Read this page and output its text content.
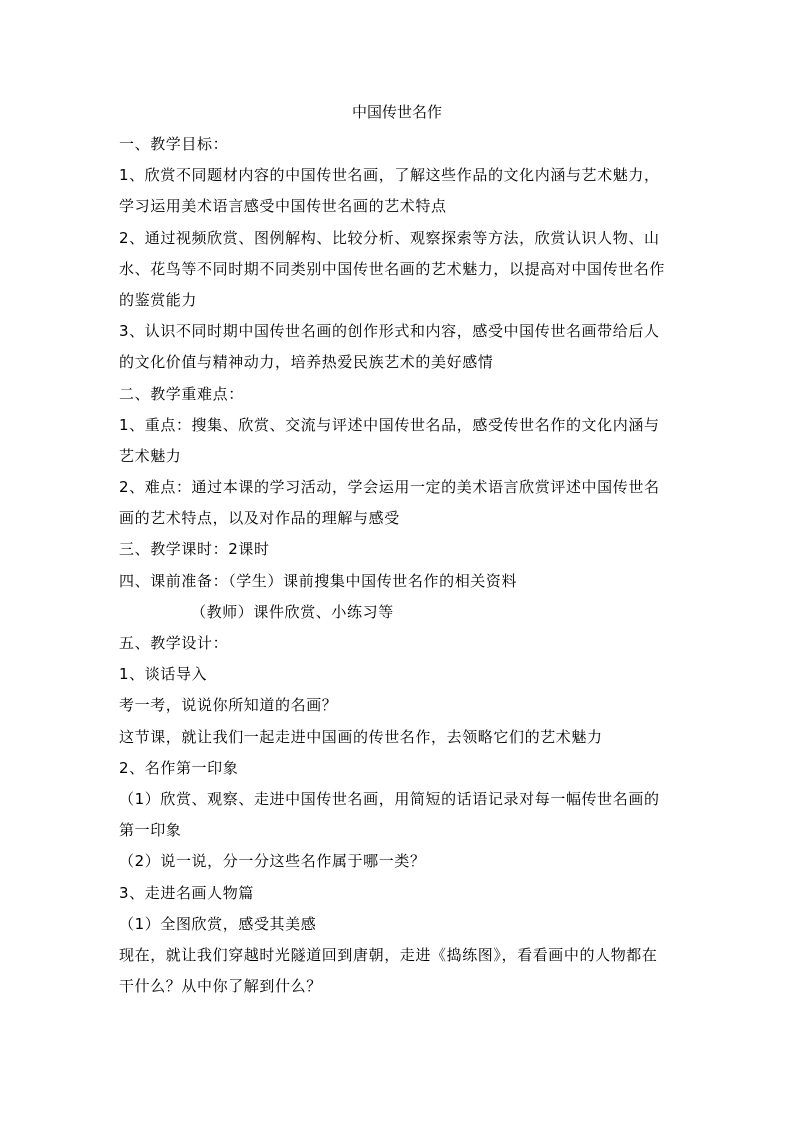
中国传世名作
一、教学目标：
1、欣赏不同题材内容的中国传世名画，了解这些作品的文化内涵与艺术魅力，
学习运用美术语言感受中国传世名画的艺术特点
2、通过视频欣赏、图例解构、比较分析、观察探索等方法，欣赏认识人物、山
水、花鸟等不同时期不同类别中国传世名画的艺术魅力，以提高对中国传世名作
的鉴赏能力
3、认识不同时期中国传世名画的创作形式和内容，感受中国传世名画带给后人
的文化价值与精神动力，培养热爱民族艺术的美好感情
二、教学重难点：
1、重点：搜集、欣赏、交流与评述中国传世名品，感受传世名作的文化内涵与
艺术魅力
2、难点：通过本课的学习活动，学会运用一定的美术语言欣赏评述中国传世名
画的艺术特点，以及对作品的理解与感受
三、教学课时：2课时
四、课前准备：（学生）课前搜集中国传世名作的相关资料
（教师）课件欣赏、小练习等
五、教学设计：
1、谈话导入
考一考，说说你所知道的名画？
这节课，就让我们一起走进中国画的传世名作，去领略它们的艺术魅力
2、名作第一印象
（1）欣赏、观察、走进中国传世名画，用简短的话语记录对每一幅传世名画的
第一印象
（2）说一说，分一分这些名作属于哪一类？
3、走进名画人物篇
（1）全图欣赏，感受其美感
现在，就让我们穿越时光隧道回到唐朝，走进《捣练图》，看看画中的人物都在
干什么？从中你了解到什么？
